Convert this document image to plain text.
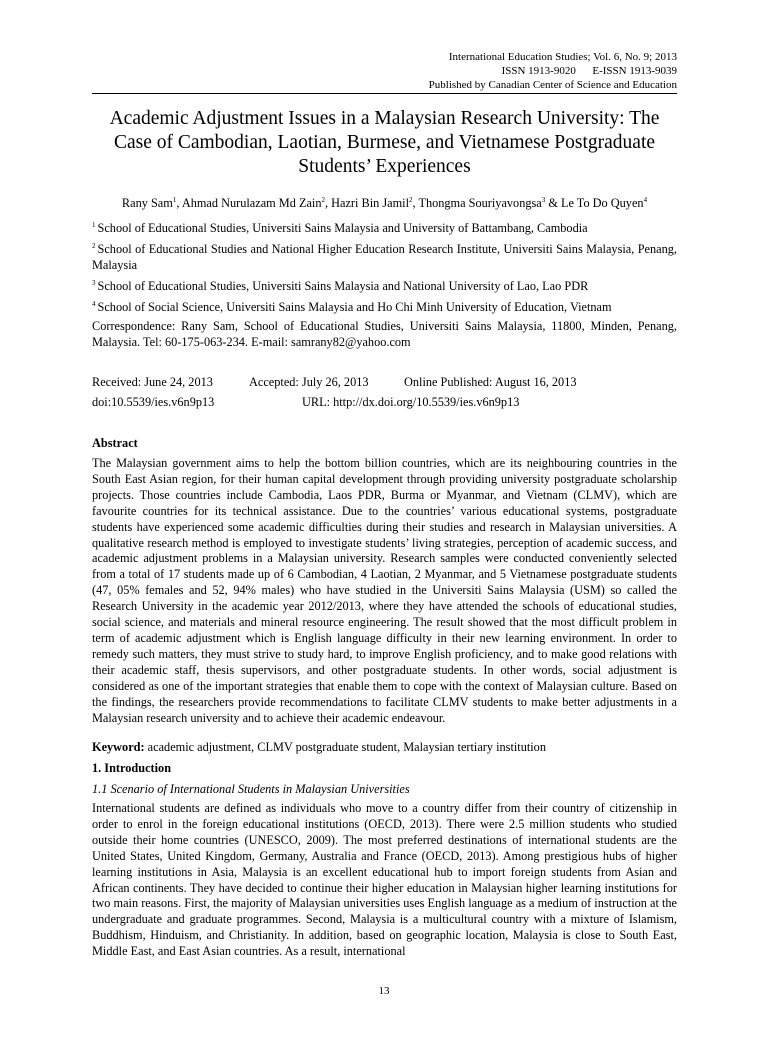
International Education Studies; Vol. 6, No. 9; 2013
ISSN 1913-9020      E-ISSN 1913-9039
Published by Canadian Center of Science and Education
Academic Adjustment Issues in a Malaysian Research University: The Case of Cambodian, Laotian, Burmese, and Vietnamese Postgraduate Students’ Experiences
Rany Sam$^1$, Ahmad Nurulazam Md Zain$^2$, Hazri Bin Jamil$^2$, Thongma Souriyavongsa$^3$ & Le To Do Quyen$^4$
$^1$ School of Educational Studies, Universiti Sains Malaysia and University of Battambang, Cambodia
$^2$ School of Educational Studies and National Higher Education Research Institute, Universiti Sains Malaysia, Penang, Malaysia
$^3$ School of Educational Studies, Universiti Sains Malaysia and National University of Lao, Lao PDR
$^4$ School of Social Science, Universiti Sains Malaysia and Ho Chi Minh University of Education, Vietnam
Correspondence: Rany Sam, School of Educational Studies, Universiti Sains Malaysia, 11800, Minden, Penang, Malaysia. Tel: 60-175-063-234. E-mail: samrany82@yahoo.com
Received: June 24, 2013	Accepted: July 26, 2013	Online Published: August 16, 2013
doi:10.5539/ies.v6n9p13	URL: http://dx.doi.org/10.5539/ies.v6n9p13
Abstract
The Malaysian government aims to help the bottom billion countries, which are its neighbouring countries in the South East Asian region, for their human capital development through providing university postgraduate scholarship projects. Those countries include Cambodia, Laos PDR, Burma or Myanmar, and Vietnam (CLMV), which are favourite countries for its technical assistance. Due to the countries’ various educational systems, postgraduate students have experienced some academic difficulties during their studies and research in Malaysian universities. A qualitative research method is employed to investigate students’ living strategies, perception of academic success, and academic adjustment problems in a Malaysian university. Research samples were conducted conveniently selected from a total of 17 students made up of 6 Cambodian, 4 Laotian, 2 Myanmar, and 5 Vietnamese postgraduate students (47, 05% females and 52, 94% males) who have studied in the Universiti Sains Malaysia (USM) so called the Research University in the academic year 2012/2013, where they have attended the schools of educational studies, social science, and materials and mineral resource engineering. The result showed that the most difficult problem in term of academic adjustment which is English language difficulty in their new learning environment. In order to remedy such matters, they must strive to study hard, to improve English proficiency, and to make good relations with their academic staff, thesis supervisors, and other postgraduate students. In other words, social adjustment is considered as one of the important strategies that enable them to cope with the context of Malaysian culture. Based on the findings, the researchers provide recommendations to facilitate CLMV students to make better adjustments in a Malaysian research university and to achieve their academic endeavour.
Keyword: academic adjustment, CLMV postgraduate student, Malaysian tertiary institution
1. Introduction
1.1 Scenario of International Students in Malaysian Universities
International students are defined as individuals who move to a country differ from their country of citizenship in order to enrol in the foreign educational institutions (OECD, 2013). There were 2.5 million students who studied outside their home countries (UNESCO, 2009). The most preferred destinations of international students are the United States, United Kingdom, Germany, Australia and France (OECD, 2013). Among prestigious hubs of higher learning institutions in Asia, Malaysia is an excellent educational hub to import foreign students from Asian and African continents. They have decided to continue their higher education in Malaysian higher learning institutions for two main reasons. First, the majority of Malaysian universities uses English language as a medium of instruction at the undergraduate and graduate programmes. Second, Malaysia is a multicultural country with a mixture of Islamism, Buddhism, Hinduism, and Christianity. In addition, based on geographic location, Malaysia is close to South East, Middle East, and East Asian countries. As a result, international
13
